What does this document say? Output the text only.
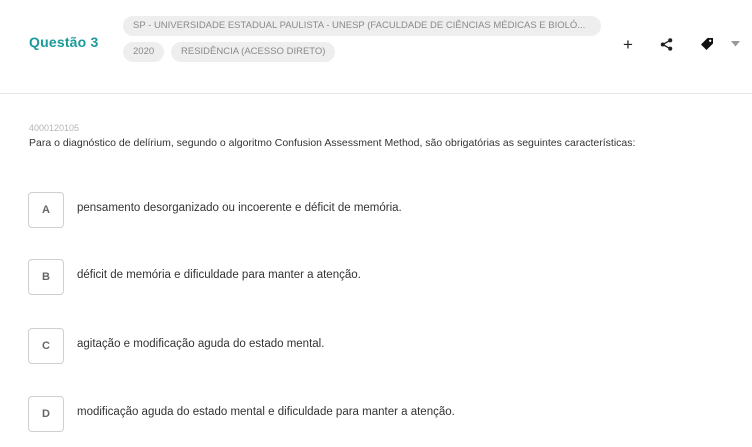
Questão 3
SP - UNIVERSIDADE ESTADUAL PAULISTA - UNESP (FACULDADE DE CIÊNCIAS MÉDICAS E BIOLÓ...
2020	RESIDÊNCIA (ACESSO DIRETO)	+
4000120105
Para o diagnóstico de delírium, segundo o algoritmo Confusion Assessment Method, são obrigatórias as seguintes características:
A	pensamento desorganizado ou incoerente e déficit de memória.
B	déficit de memória e dificuldade para manter a atenção.
C	agitação e modificação aguda do estado mental.
D	modificação aguda do estado mental e dificuldade para manter a atenção.
